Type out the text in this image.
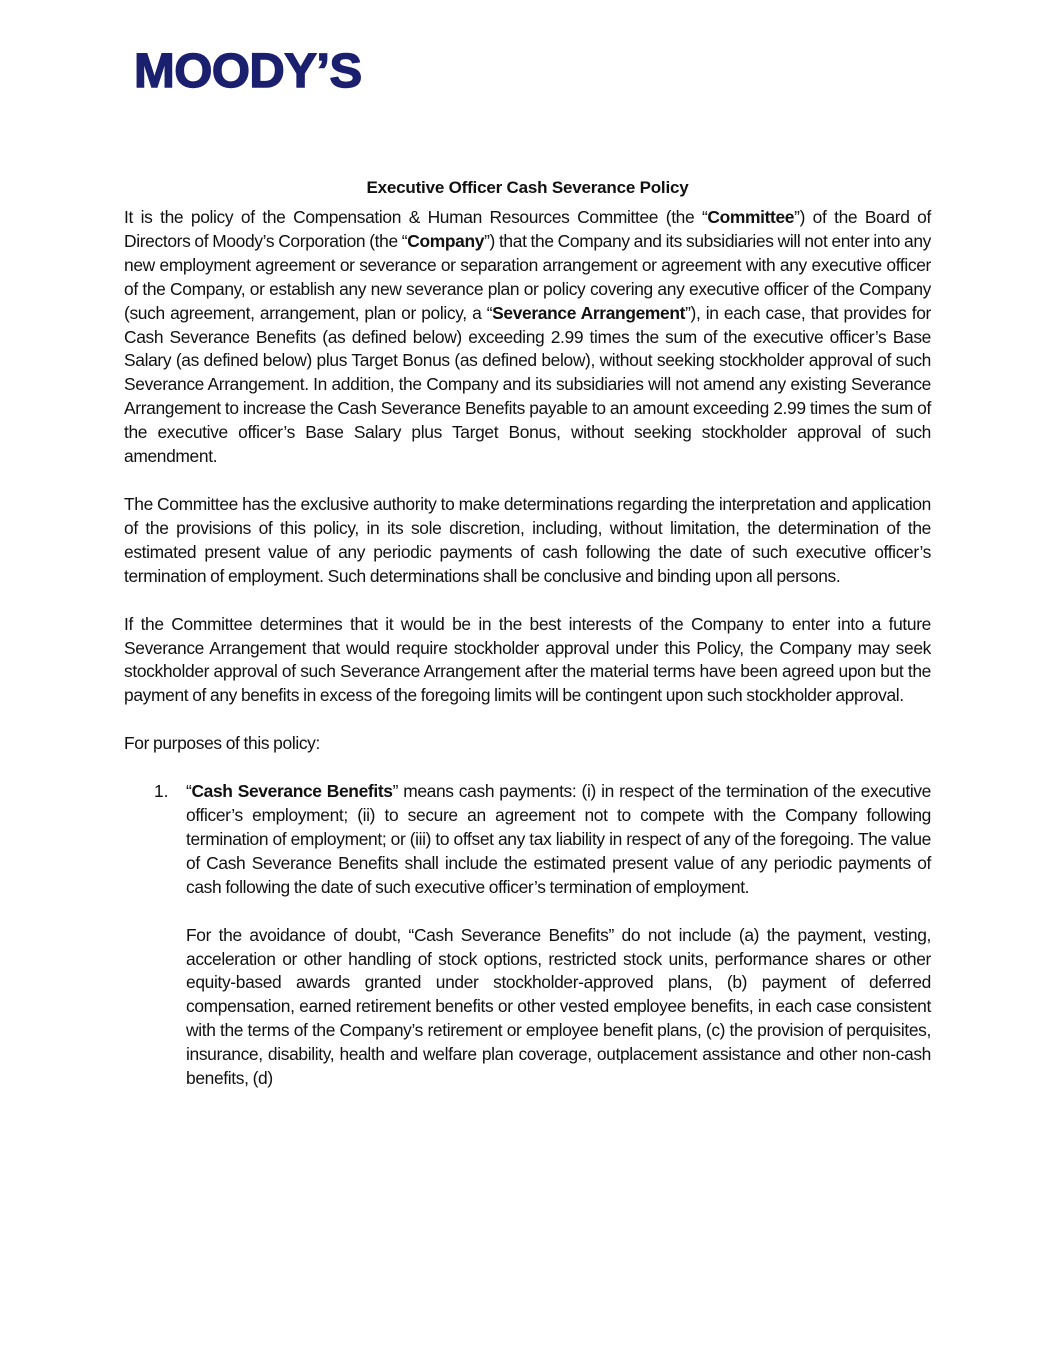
MOODY’S
Executive Officer Cash Severance Policy

It is the policy of the Compensation & Human Resources Committee (the “Committee”) of the Board of Directors of Moody’s Corporation (the “Company”) that the Company and its subsidiaries will not enter into any new employment agreement or severance or separation arrangement or agreement with any executive officer of the Company, or establish any new severance plan or policy covering any executive officer of the Company (such agreement, arrangement, plan or policy, a “Severance Arrangement”), in each case, that provides for Cash Severance Benefits (as defined below) exceeding 2.99 times the sum of the executive officer’s Base Salary (as defined below) plus Target Bonus (as defined below), without seeking stockholder approval of such Severance Arrangement. In addition, the Company and its subsidiaries will not amend any existing Severance Arrangement to increase the Cash Severance Benefits payable to an amount exceeding 2.99 times the sum of the executive officer’s Base Salary plus Target Bonus, without seeking stockholder approval of such amendment.

The Committee has the exclusive authority to make determinations regarding the interpretation and application of the provisions of this policy, in its sole discretion, including, without limitation, the determination of the estimated present value of any periodic payments of cash following the date of such executive officer’s termination of employment. Such determinations shall be conclusive and binding upon all persons.

If the Committee determines that it would be in the best interests of the Company to enter into a future Severance Arrangement that would require stockholder approval under this Policy, the Company may seek stockholder approval of such Severance Arrangement after the material terms have been agreed upon but the payment of any benefits in excess of the foregoing limits will be contingent upon such stockholder approval.

For purposes of this policy:

1. “Cash Severance Benefits” means cash payments: (i) in respect of the termination of the executive officer’s employment; (ii) to secure an agreement not to compete with the Company following termination of employment; or (iii) to offset any tax liability in respect of any of the foregoing. The value of Cash Severance Benefits shall include the estimated present value of any periodic payments of cash following the date of such executive officer’s termination of employment.

For the avoidance of doubt, “Cash Severance Benefits” do not include (a) the payment, vesting, acceleration or other handling of stock options, restricted stock units, performance shares or other equity-based awards granted under stockholder-approved plans, (b) payment of deferred compensation, earned retirement benefits or other vested employee benefits, in each case consistent with the terms of the Company’s retirement or employee benefit plans, (c) the provision of perquisites, insurance, disability, health and welfare plan coverage, outplacement assistance and other non-cash benefits, (d)
